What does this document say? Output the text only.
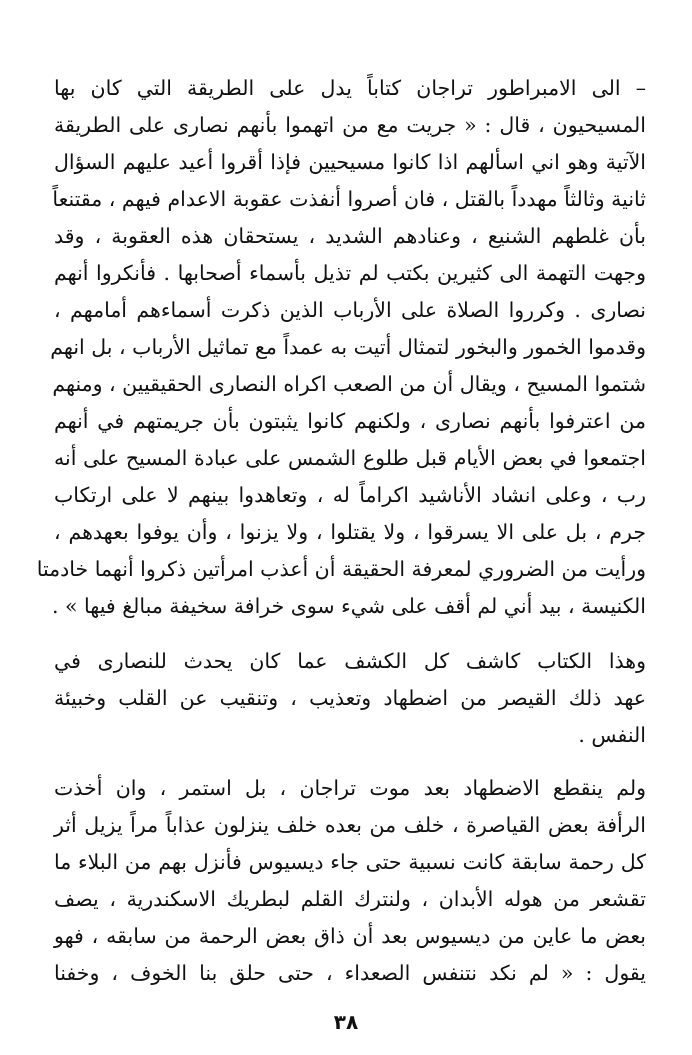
– الى الامبراطور تراجان كتاباً يدل على الطريقة التي كان بها
المسيحيون ، قال : « جريت مع من اتهموا بأنهم نصارى على الطريقة
الآتية وهو اني اسألهم اذا كانوا مسيحيين فإذا أقروا أعيد عليهم السؤال
ثانية وثالثاً مهدداً بالقتل ، فان أصروا أنفذت عقوبة الاعدام فيهم ، مقتنعاً
بأن غلطهم الشنيع ، وعنادهم الشديد ، يستحقان هذه العقوبة ، وقد
وجهت التهمة الى كثيرين بكتب لم تذيل بأسماء أصحابها . فأنكروا أنهم
نصارى . وكرروا الصلاة على الأرباب الذين ذكرت أسماءهم أمامهم ،
وقدموا الخمور والبخور لتمثال أتيت به عمداً مع تماثيل الأرباب ، بل انهم
شتموا المسيح ، ويقال أن من الصعب اكراه النصارى الحقيقيين ، ومنهم
من اعترفوا بأنهم نصارى ، ولكنهم كانوا يثبتون بأن جريمتهم في أنهم
اجتمعوا في بعض الأيام قبل طلوع الشمس على عبادة المسيح على أنه
رب ، وعلى انشاد الأناشيد اكراماً له ، وتعاهدوا بينهم لا على ارتكاب
جرم ، بل على الا يسرقوا ، ولا يقتلوا ، ولا يزنوا ، وأن يوفوا بعهدهم ،
ورأيت من الضروري لمعرفة الحقيقة أن أعذب امرأتين ذكروا أنهما خادمتا
الكنيسة ، بيد أني لم أقف على شيء سوى خرافة سخيفة مبالغ فيها » .
وهذا الكتاب كاشف كل الكشف عما كان يحدث للنصارى في
عهد ذلك القيصر من اضطهاد وتعذيب ، وتنقيب عن القلب وخبيئة
النفس .
ولم ينقطع الاضطهاد بعد موت تراجان ، بل استمر ، وان أخذت
الرأفة بعض القياصرة ، خلف من بعده خلف ينزلون عذاباً مراً يزيل أثر
كل رحمة سابقة كانت نسبية حتى جاء ديسيوس فأنزل بهم من البلاء ما
تقشعر من هوله الأبدان ، ولنترك القلم لبطريك الاسكندرية ، يصف
بعض ما عاين من ديسيوس بعد أن ذاق بعض الرحمة من سابقه ، فهو
يقول : « لم نكد نتنفس الصعداء ، حتى حلق بنا الخوف ، وخفنا
٣٨
